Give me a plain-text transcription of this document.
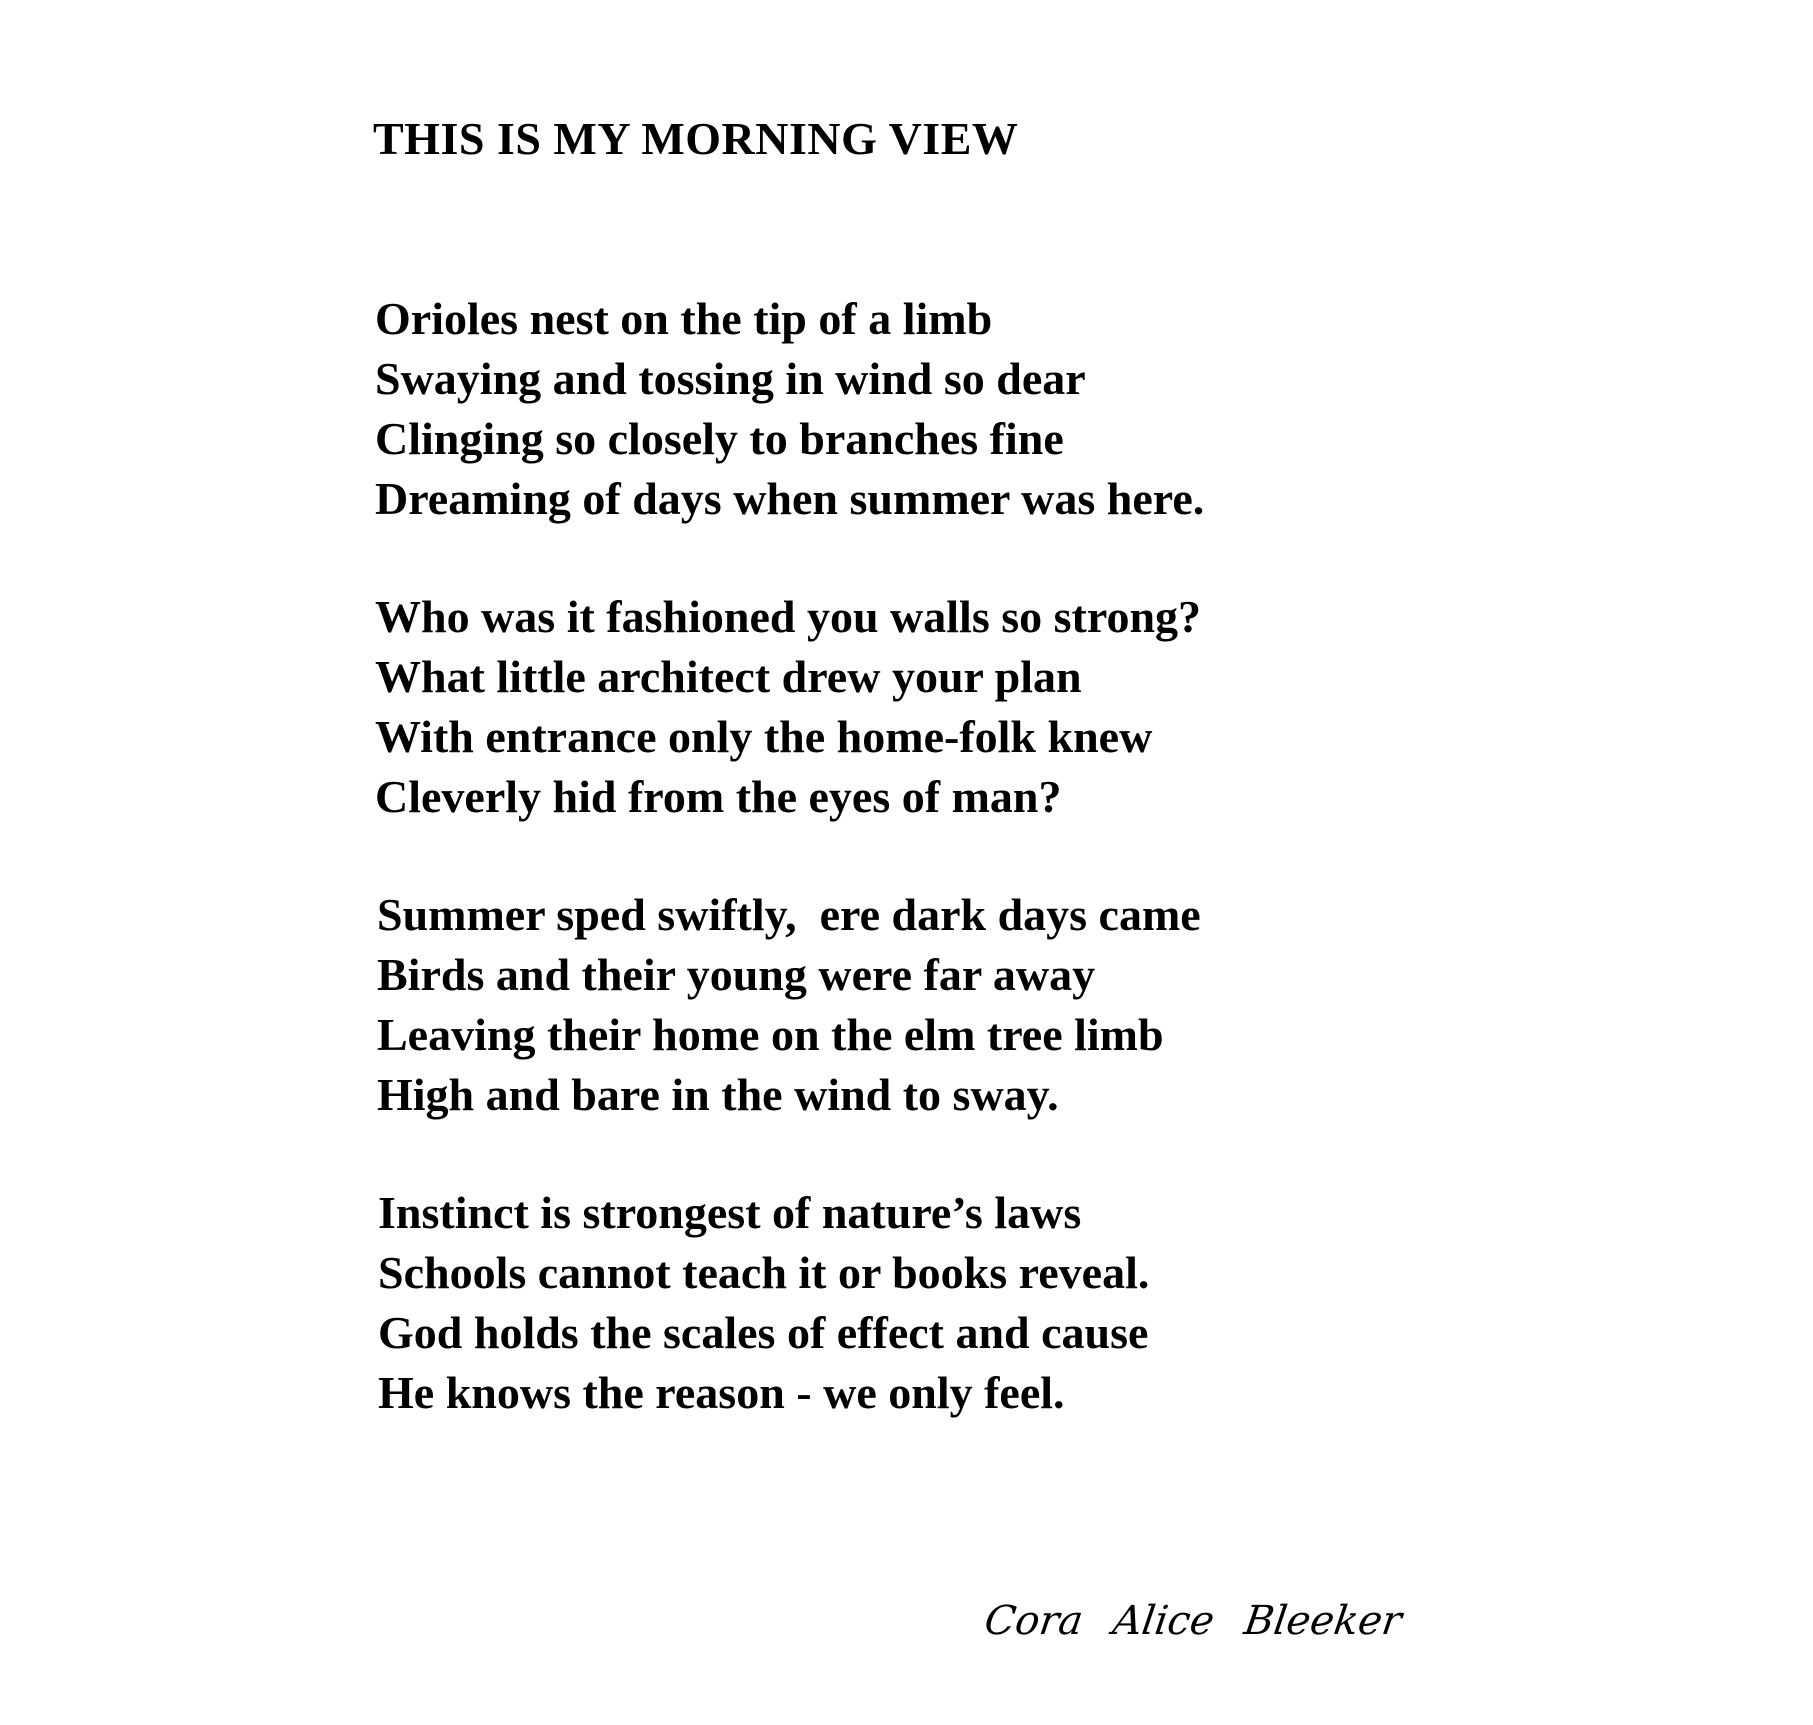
THIS IS MY MORNING VIEW
Orioles nest on the tip of a limb
Swaying and tossing in wind so dear
Clinging so closely to branches fine
Dreaming of days when summer was here.
Who was it fashioned you walls so strong?
What little architect drew your plan
With entrance only the home-folk knew
Cleverly hid from the eyes of man?
Summer sped swiftly,  ere dark days came
Birds and their young were far away
Leaving their home on the elm tree limb
High and bare in the wind to sway.
Instinct is strongest of nature’s laws
Schools cannot teach it or books reveal.
God holds the scales of effect and cause
He knows the reason - we only feel.
Cora Alice Bleeker
